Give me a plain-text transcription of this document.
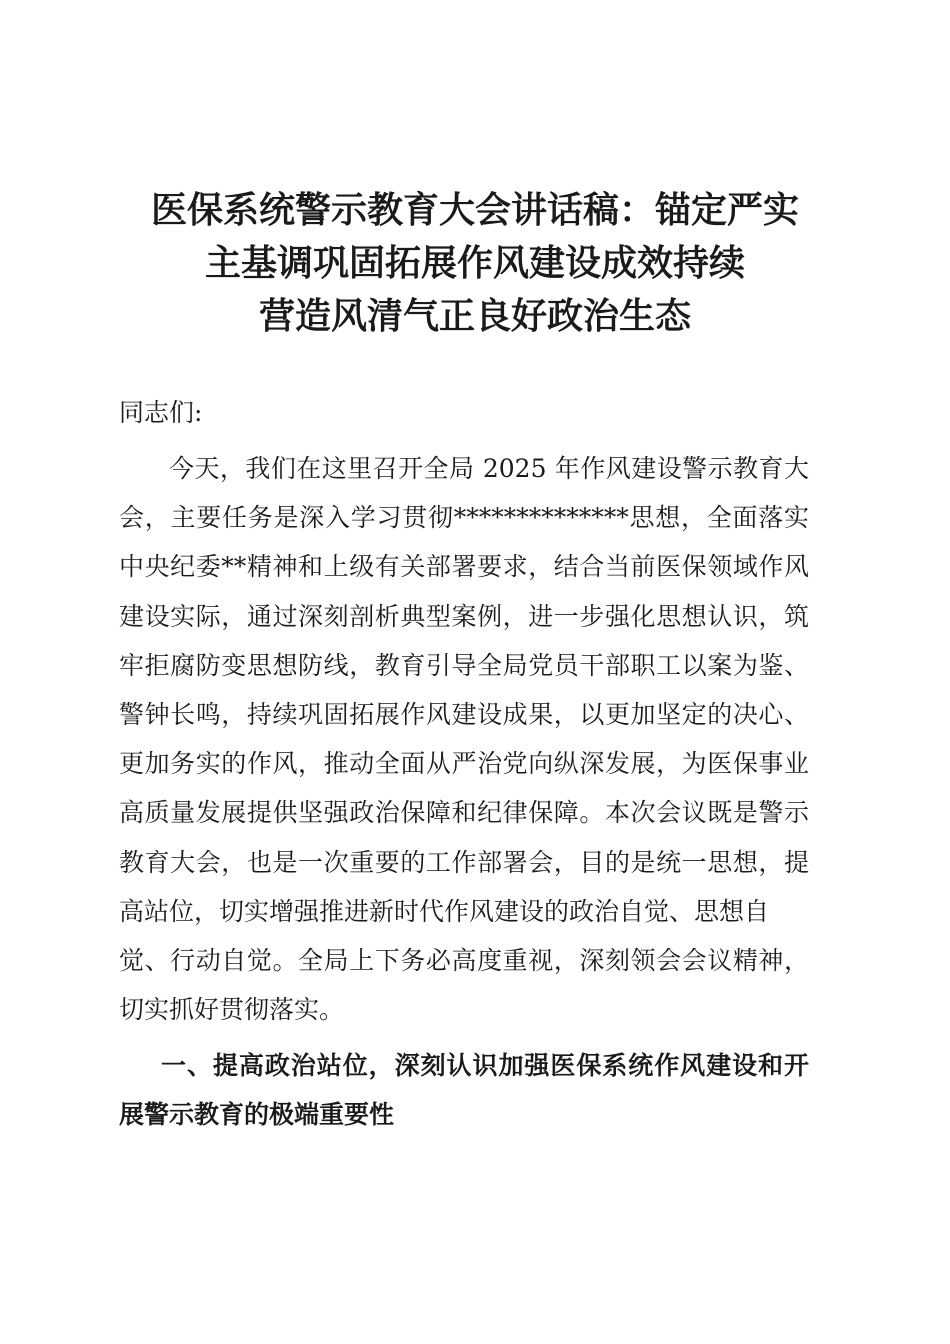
医保系统警示教育大会讲话稿：锚定严实
主基调巩固拓展作风建设成效持续
营造风清气正良好政治生态
同志们:
今天，我们在这里召开全局 2025 年作风建设警示教育大
会，主要任务是深入学习贯彻**************思想，全面落实
中央纪委**精神和上级有关部署要求，结合当前医保领域作风
建设实际，通过深刻剖析典型案例，进一步强化思想认识，筑
牢拒腐防变思想防线，教育引导全局党员干部职工以案为鉴、
警钟长鸣，持续巩固拓展作风建设成果，以更加坚定的决心、
更加务实的作风，推动全面从严治党向纵深发展，为医保事业
高质量发展提供坚强政治保障和纪律保障。本次会议既是警示
教育大会，也是一次重要的工作部署会，目的是统一思想，提
高站位，切实增强推进新时代作风建设的政治自觉、思想自
觉、行动自觉。全局上下务必高度重视，深刻领会会议精神，
切实抓好贯彻落实。
一、提高政治站位，深刻认识加强医保系统作风建设和开
展警示教育的极端重要性
